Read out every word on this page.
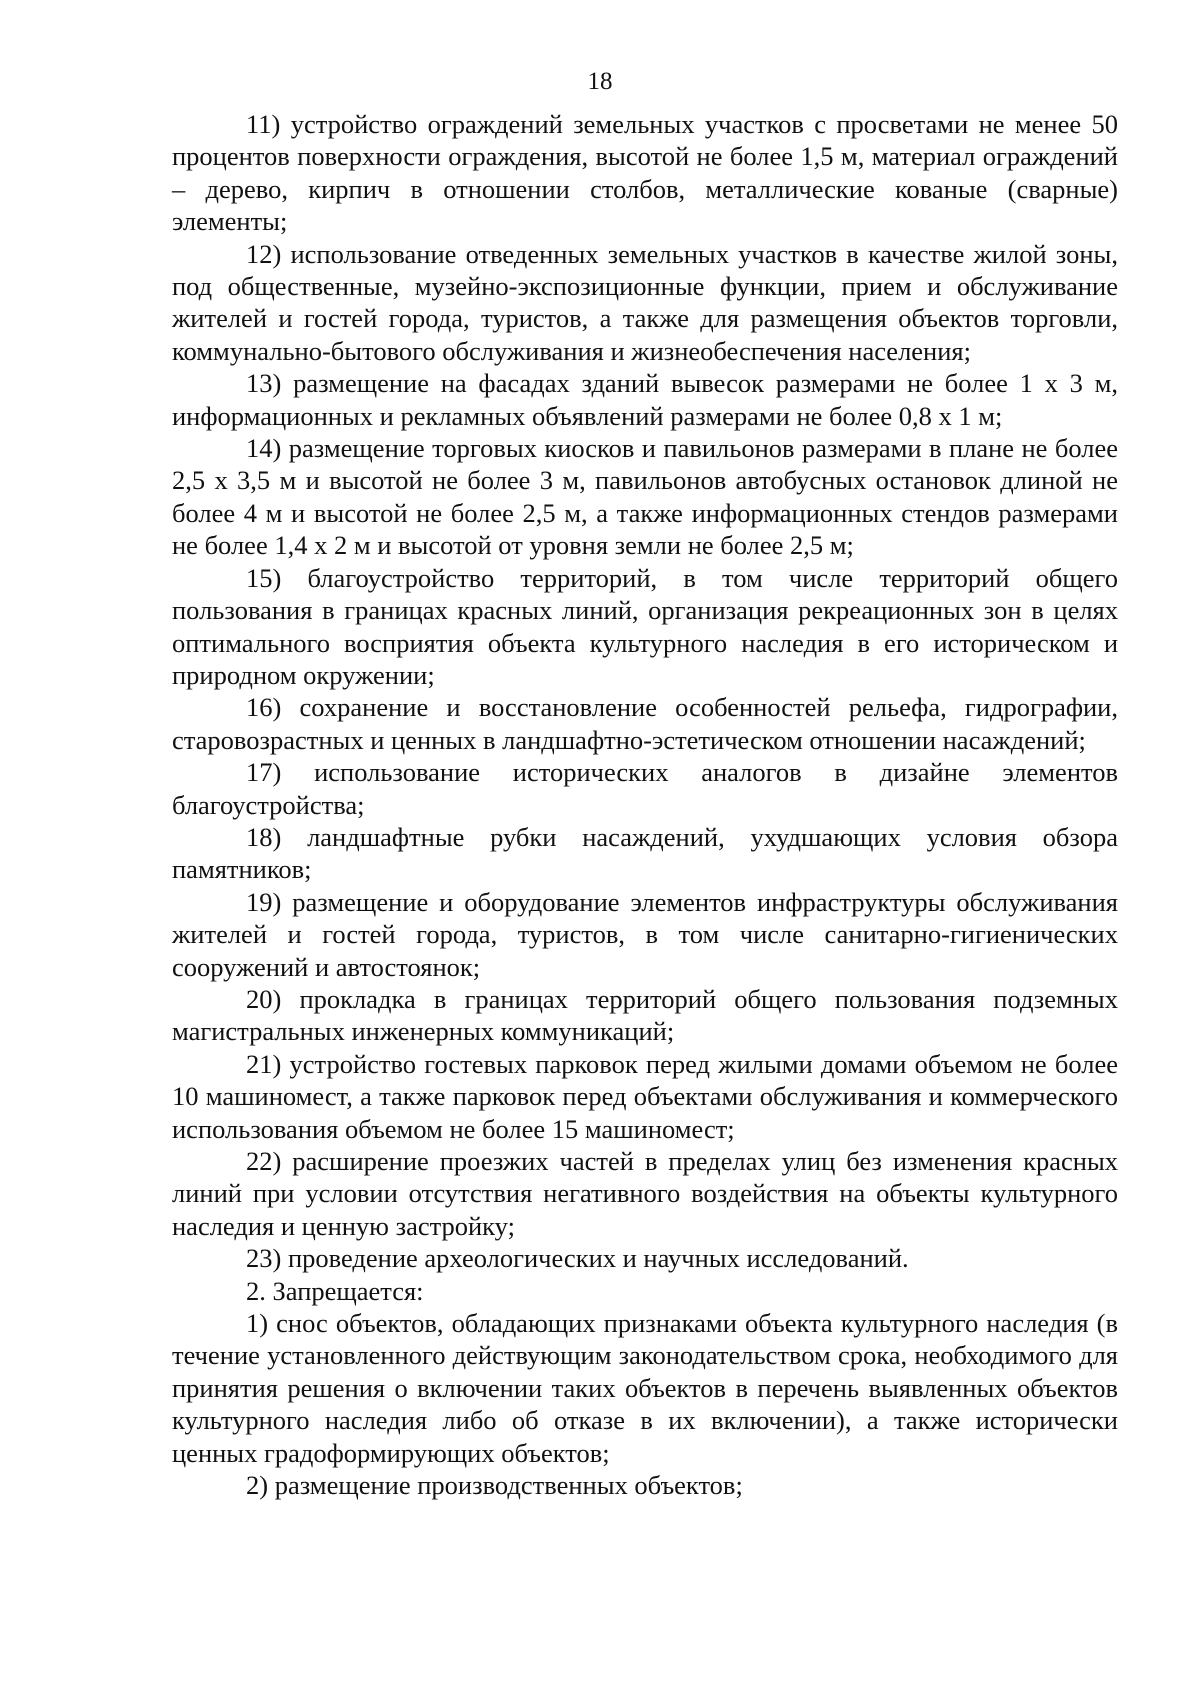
18

11) устройство ограждений земельных участков с просветами не менее 50 процентов поверхности ограждения, высотой не более 1,5 м, материал ограждений – дерево, кирпич в отношении столбов, металлические кованые (сварные) элементы;

12) использование отведенных земельных участков в качестве жилой зоны, под общественные, музейно-экспозиционные функции, прием и обслуживание жителей и гостей города, туристов, а также для размещения объектов торговли, коммунально-бытового обслуживания и жизнеобеспечения населения;

13) размещение на фасадах зданий вывесок размерами не более 1 х 3 м, информационных и рекламных объявлений размерами не более 0,8 х 1 м;

14) размещение торговых киосков и павильонов размерами в плане не более 2,5 х 3,5 м и высотой не более 3 м, павильонов автобусных остановок длиной не более 4 м и высотой не более 2,5 м, а также информационных стендов размерами не более 1,4 х 2 м и высотой от уровня земли не более 2,5 м;

15) благоустройство территорий, в том числе территорий общего пользования в границах красных линий, организация рекреационных зон в целях оптимального восприятия объекта культурного наследия в его историческом и природном окружении;

16) сохранение и восстановление особенностей рельефа, гидрографии, старовозрастных и ценных в ландшафтно-эстетическом отношении насаждений;

17) использование исторических аналогов в дизайне элементов благоустройства;

18) ландшафтные рубки насаждений, ухудшающих условия обзора памятников;

19) размещение и оборудование элементов инфраструктуры обслуживания жителей и гостей города, туристов, в том числе санитарно-гигиенических сооружений и автостоянок;

20) прокладка в границах территорий общего пользования подземных магистральных инженерных коммуникаций;

21) устройство гостевых парковок перед жилыми домами объемом не более 10 машиномест, а также парковок перед объектами обслуживания и коммерческого использования объемом не более 15 машиномест;

22) расширение проезжих частей в пределах улиц без изменения красных линий при условии отсутствия негативного воздействия на объекты культурного наследия и ценную застройку;

23) проведение археологических и научных исследований.

2. Запрещается:

1) снос объектов, обладающих признаками объекта культурного наследия (в течение установленного действующим законодательством срока, необходимого для принятия решения о включении таких объектов в перечень выявленных объектов культурного наследия либо об отказе в их включении), а также исторически ценных градоформирующих объектов;

2) размещение производственных объектов;
